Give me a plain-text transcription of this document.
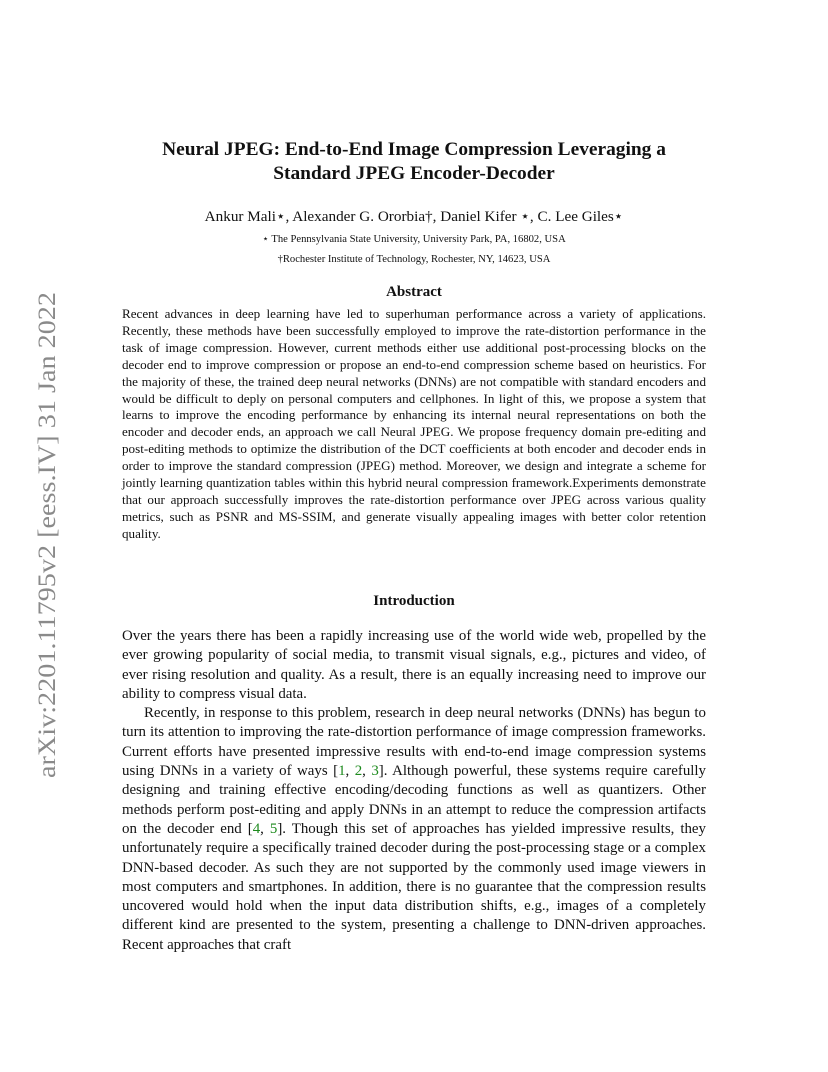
arXiv:2201.11795v2 [eess.IV] 31 Jan 2022
Neural JPEG: End-to-End Image Compression Leveraging a
Standard JPEG Encoder-Decoder
Ankur Mali⋆, Alexander G. Ororbia†, Daniel Kifer ⋆, C. Lee Giles⋆
⋆ The Pennsylvania State University, University Park, PA, 16802, USA
†Rochester Institute of Technology, Rochester, NY, 14623, USA
Abstract
Recent advances in deep learning have led to superhuman performance across a variety of applications. Recently, these methods have been successfully employed to improve the rate-distortion performance in the task of image compression. However, current methods either use additional post-processing blocks on the decoder end to improve compression or propose an end-to-end compression scheme based on heuristics. For the majority of these, the trained deep neural networks (DNNs) are not compatible with standard encoders and would be difficult to deply on personal computers and cellphones. In light of this, we propose a system that learns to improve the encoding performance by enhancing its internal neural representations on both the encoder and decoder ends, an approach we call Neural JPEG. We propose frequency domain pre-editing and post-editing methods to optimize the distribution of the DCT coefficients at both encoder and decoder ends in order to improve the standard compression (JPEG) method. Moreover, we design and integrate a scheme for jointly learning quantization tables within this hybrid neural compression framework.Experiments demonstrate that our approach successfully improves the rate-distortion performance over JPEG across various quality metrics, such as PSNR and MS-SSIM, and generate visually appealing images with better color retention quality.
Introduction

Over the years there has been a rapidly increasing use of the world wide web, propelled by the ever growing popularity of social media, to transmit visual signals, e.g., pictures and video, of ever rising resolution and quality. As a result, there is an equally increasing need to improve our ability to compress visual data.

Recently, in response to this problem, research in deep neural networks (DNNs) has begun to turn its attention to improving the rate-distortion performance of image compression frameworks. Current efforts have presented impressive results with end-to-end image compression systems using DNNs in a variety of ways [1, 2, 3]. Although powerful, these systems require carefully designing and training effective encoding/decoding functions as well as quantizers. Other methods perform post-editing and apply DNNs in an attempt to reduce the compression artifacts on the decoder end [4, 5]. Though this set of approaches has yielded impressive results, they unfortunately require a specifically trained decoder during the post-processing stage or a complex DNN-based decoder. As such they are not supported by the commonly used image viewers in most computers and smartphones. In addition, there is no guarantee that the compression results uncovered would hold when the input data distribution shifts, e.g., images of a completely different kind are presented to the system, presenting a challenge to DNN-driven approaches. Recent approaches that craft
